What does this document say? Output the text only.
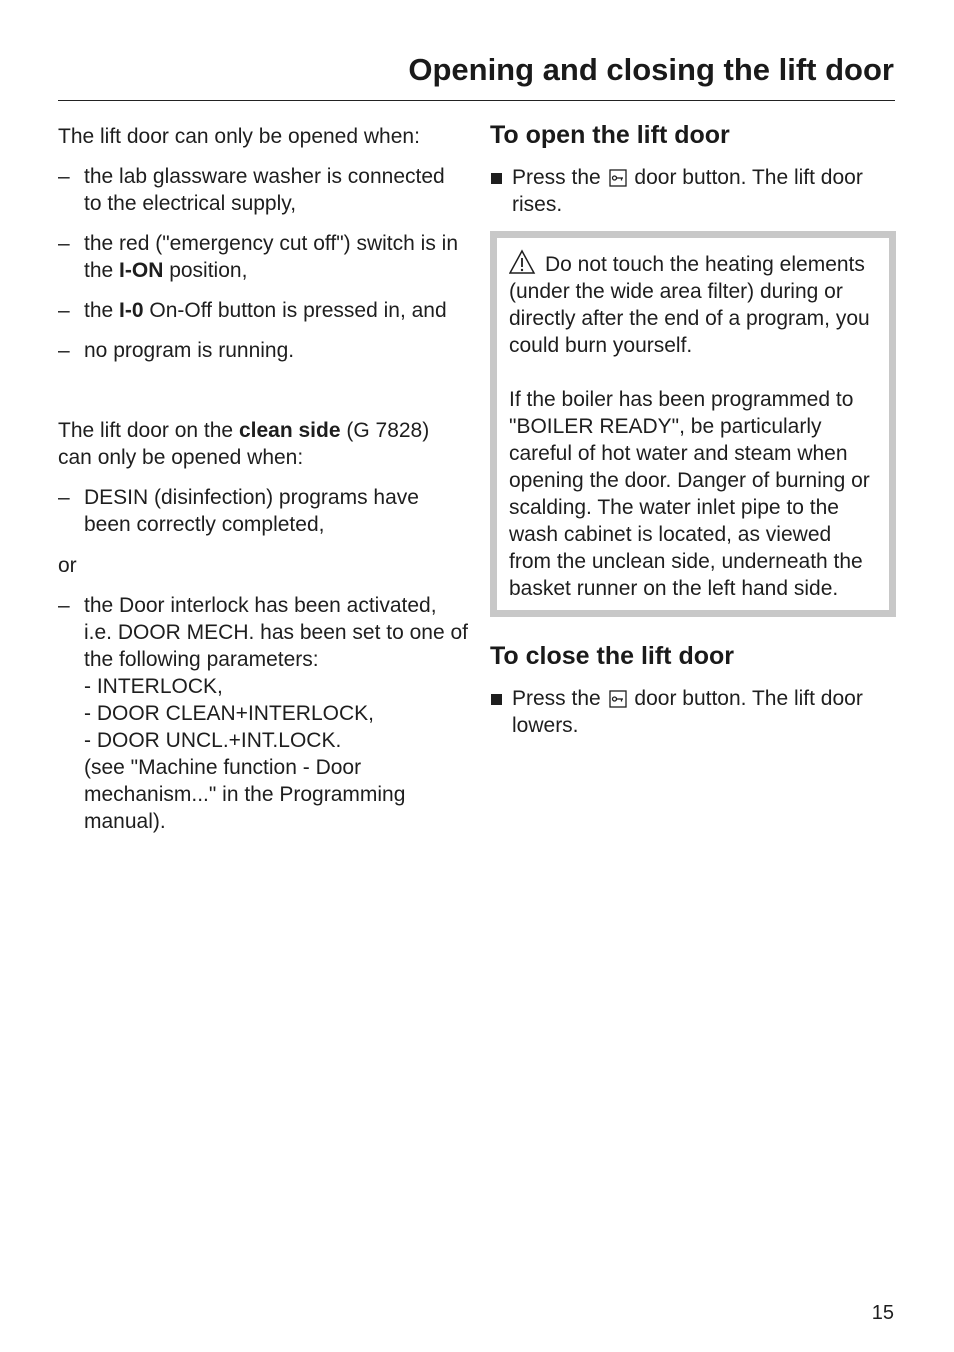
Opening and closing the lift door

The lift door can only be opened when:

– the lab glassware washer is connected to the electrical supply,
– the red ("emergency cut off") switch is in the I-ON position,
– the I-0 On-Off button is pressed in, and
– no program is running.

The lift door on the clean side (G 7828) can only be opened when:

– DESIN (disinfection) programs have been correctly completed,

or

– the Door interlock has been activated, i.e. DOOR MECH. has been set to one of the following parameters:
- INTERLOCK,
- DOOR CLEAN+INTERLOCK,
- DOOR UNCL.+INT.LOCK.
(see "Machine function - Door mechanism..." in the Programming manual).
To open the lift door
Press the door button. The lift door rises.

Do not touch the heating elements (under the wide area filter) during or directly after the end of a program, you could burn yourself.

If the boiler has been programmed to "BOILER READY", be particularly careful of hot water and steam when opening the door. Danger of burning or scalding. The water inlet pipe to the wash cabinet is located, as viewed from the unclean side, underneath the basket runner on the left hand side.

To close the lift door
Press the door button. The lift door lowers.
15
